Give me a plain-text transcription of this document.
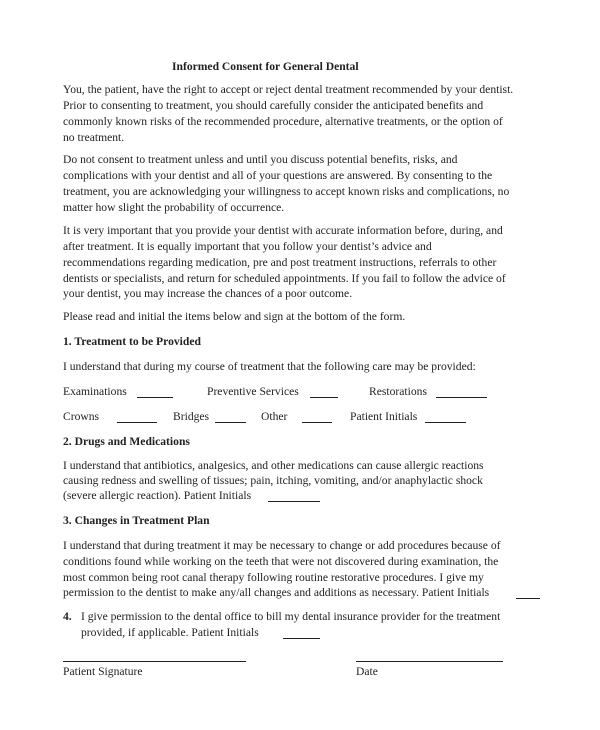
Informed Consent for General Dental
You, the patient, have the right to accept or reject dental treatment recommended by your dentist.
Prior to consenting to treatment, you should carefully consider the anticipated benefits and
commonly known risks of the recommended procedure, alternative treatments, or the option of
no treatment.
Do not consent to treatment unless and until you discuss potential benefits, risks, and
complications with your dentist and all of your questions are answered. By consenting to the
treatment, you are acknowledging your willingness to accept known risks and complications, no
matter how slight the probability of occurrence.
It is very important that you provide your dentist with accurate information before, during, and
after treatment. It is equally important that you follow your dentist’s advice and
recommendations regarding medication, pre and post treatment instructions, referrals to other
dentists or specialists, and return for scheduled appointments. If you fail to follow the advice of
your dentist, you may increase the chances of a poor outcome.
Please read and initial the items below and sign at the bottom of the form.
1. Treatment to be Provided
I understand that during my course of treatment that the following care may be provided:
Examinations	Preventive Services	Restorations
Crowns	Bridges	Other	Patient Initials
2. Drugs and Medications
I understand that antibiotics, analgesics, and other medications can cause allergic reactions
causing redness and swelling of tissues; pain, itching, vomiting, and/or anaphylactic shock
(severe allergic reaction). Patient Initials
3. Changes in Treatment Plan
I understand that during treatment it may be necessary to change or add procedures because of
conditions found while working on the teeth that were not discovered during examination, the
most common being root canal therapy following routine restorative procedures. I give my
permission to the dentist to make any/all changes and additions as necessary. Patient Initials
4. I give permission to the dental office to bill my dental insurance provider for the treatment
provided, if applicable. Patient Initials
Patient Signature	Date
